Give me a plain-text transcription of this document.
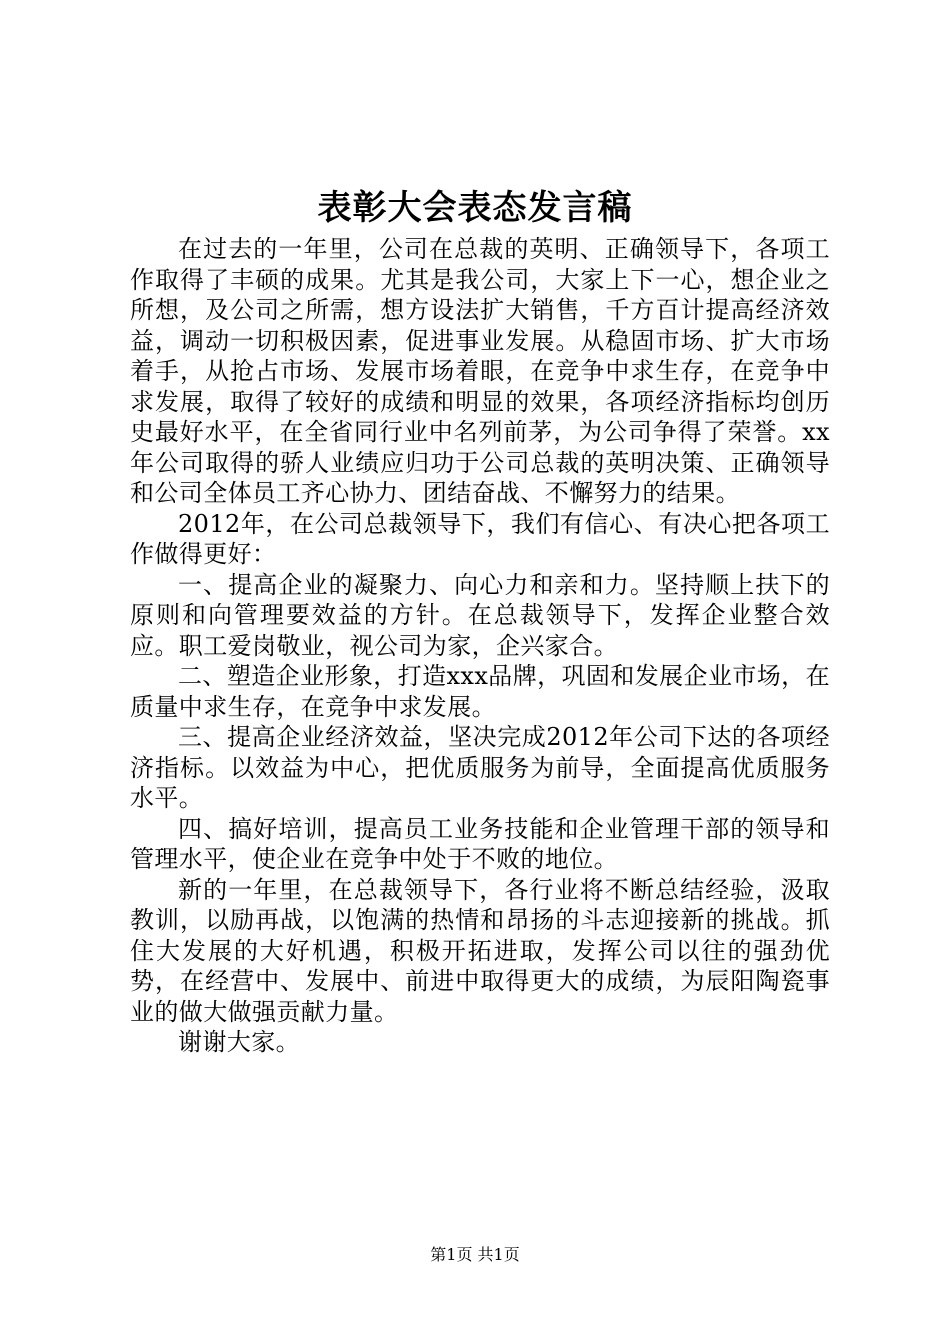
表彰大会表态发言稿

在过去的一年里，公司在总裁的英明、正确领导下，各项工作取得了丰硕的成果。尤其是我公司，大家上下一心，想企业之所想，及公司之所需，想方设法扩大销售，千方百计提高经济效益，调动一切积极因素，促进事业发展。从稳固市场、扩大市场着手，从抢占市场、发展市场着眼，在竞争中求生存，在竞争中求发展，取得了较好的成绩和明显的效果，各项经济指标均创历史最好水平，在全省同行业中名列前茅，为公司争得了荣誉。xx年公司取得的骄人业绩应归功于公司总裁的英明决策、正确领导和公司全体员工齐心协力、团结奋战、不懈努力的结果。

2012年，在公司总裁领导下，我们有信心、有决心把各项工作做得更好：

一、提高企业的凝聚力、向心力和亲和力。坚持顺上扶下的原则和向管理要效益的方针。在总裁领导下，发挥企业整合效应。职工爱岗敬业，视公司为家，企兴家合。

二、塑造企业形象，打造xxx品牌，巩固和发展企业市场，在质量中求生存，在竞争中求发展。

三、提高企业经济效益，坚决完成2012年公司下达的各项经济指标。以效益为中心，把优质服务为前导，全面提高优质服务水平。

四、搞好培训，提高员工业务技能和企业管理干部的领导和管理水平，使企业在竞争中处于不败的地位。

新的一年里，在总裁领导下，各行业将不断总结经验，汲取教训，以励再战，以饱满的热情和昂扬的斗志迎接新的挑战。抓住大发展的大好机遇，积极开拓进取，发挥公司以往的强劲优势，在经营中、发展中、前进中取得更大的成绩，为辰阳陶瓷事业的做大做强贡献力量。

谢谢大家。

第1页 共1页
